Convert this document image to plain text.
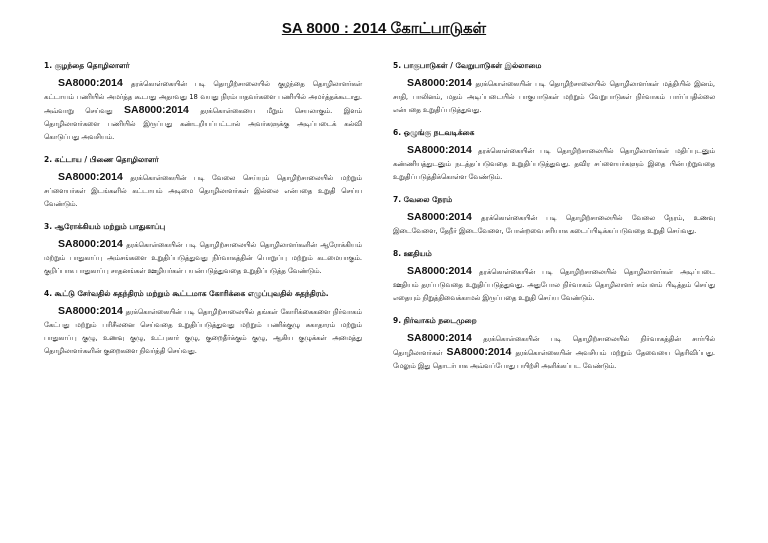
SA 8000 : 2014 கோட்பாடுகள்
1. குழந்தை தொழிலாளர்
SA8000:2014 தரக்கொள்கையின் படி தொழிற்சாலையில் குழந்தை தொழிலாளர்கள் கட்டாயம் பணியில் அமர்த்த கூடாது அதாவது 18 வயது நிரம்பாதவர்களை பணியில் அமர்த்தக்கூடாது. அவ்வாறு செய்வது SA8000:2014 தரக்கொள்கையை மீறும் செயலாகும். இளம் தொழிலாளர்களை பணியில் இருப்பது கண்டறியப்பட்டால் அவர்களுக்கு அடிப்படைக் கல்வி கொடுப்பது அவசியம்.
2. கட்டாய / பிணை தொழிலாளர்
SA8000:2014 தரக்கொள்கையின் படி வேலை செய்யும் தொழிற்சாலையில் மற்றும் சப்ளையர்கள் இடங்களில் கட்டாயம் அடிமை தொழிலாளர்கள் இல்லை என்பதை உறுதி செய்ய வேண்டும்.
3. ஆரோக்கியம் மற்றும் பாதுகாப்பு
SA8000:2014 தரக்கொள்கையின் படி தொழிற்சாலையில் தொழிலாளர்களின் ஆரோக்கியம் மற்றும் பாதுகாப்பு அம்சங்களை உறுதிப்படுத்துவது நிர்வாகத்தின் பொறுப்பு மற்றும் கடமையாகும். குறிப்பாக பாதுகாப்பு சாதனங்கள் ஊழியர்கள் பயன்படுத்துவதை உறுதிப்படுத்த வேண்டும்.
4. கூட்டு சேர்வதில் சுதந்திரம் மற்றும் கூட்டமாக கோரிக்கை எழுப்புவதில் சுதந்திரம்.
SA8000:2014 தரக்கொள்கையின் படி தொழிற்சாலையில் தங்கள் கோரிக்கைகளை நிர்வாகம் கேட்பது மற்றும் பரிசீலனை செய்வதை உறுதிப்படுத்துவது மற்றும் பணிக்குழு சுகாதாரம் மற்றும் பாதுகாப்பு குழு, உணவு குழு, உட்புகார் குழு, குறைதீர்க்கும் குழு, ஆகிய குழுக்கள் அமைத்து தொழிலாளர்களின் குறைகளை நிவர்த்தி செய்வது.
5. பாகுபாடுகள் / வேறுபாடுகள் இல்லாமை
SA8000:2014 தரக்கொள்கையின் படி தொழிற்சாலையில் தொழிலாளர்கள் மத்தியில் இனம், சாதி, பாலினம், மதம் அடிப்படையில் பாகுபாடுகள் மற்றும் வேறுபாடுகள் நிர்வாகம் பார்ப்பதில்லை என்பதை உறுதிப்படுத்துவது.
6. ஒழுங்கு நடவடிக்கை
SA8000:2014 தரக்கொள்கையின் படி தொழிற்சாலையில் தொழிலாளர்கள் மதிப்புடனும் கண்ணியத்துடனும் நடத்தப்படுவதை உறுதிப்படுத்துவது. தவிர சப்ளையர்களும் இதை பின்பற்றுவதை உறுதிப்படுத்திக்கொள்ள வேண்டும்.
7. வேலை நேரம்
SA8000:2014 தரக்கொள்கையின் படி தொழிற்சாலையில் வேலை நேரம், உணவு இடைவேளை, தேநீர் இடைவேளை, போன்றவை சரியாக கடைப்பிடிக்கப்படுவதை உறுதி செய்வது.
8. ஊதியம்
SA8000:2014 தரக்கொள்கையின் படி தொழிற்சாலையில் தொழிலாளர்கள் அடிப்படை ஊதியம் தரப்படுவதை உறுதிப்படுத்துவது. அதுபோல நிர்வாகம் தொழிலாளர் சம்பளம் பிடித்தம் செய்து எதையும் நிறுத்திவைக்காமல் இருப்பதை உறுதி செய்ய வேண்டும்.
9. நிர்வாகம் நடைமுறை
SA8000:2014 தரக்கொள்கையின் படி தொழிற்சாலையில் நிர்வாகத்தின் சார்பில் தொழிலாளர்கள் SA8000:2014 தரக்கொள்கையின் அவசியம் மற்றும் தேவையை தெரிவிப்பது. மேலும் இது தொடர்பாக அவ்வப்போது பயிற்சி அளிக்கப்பட வேண்டும்.
